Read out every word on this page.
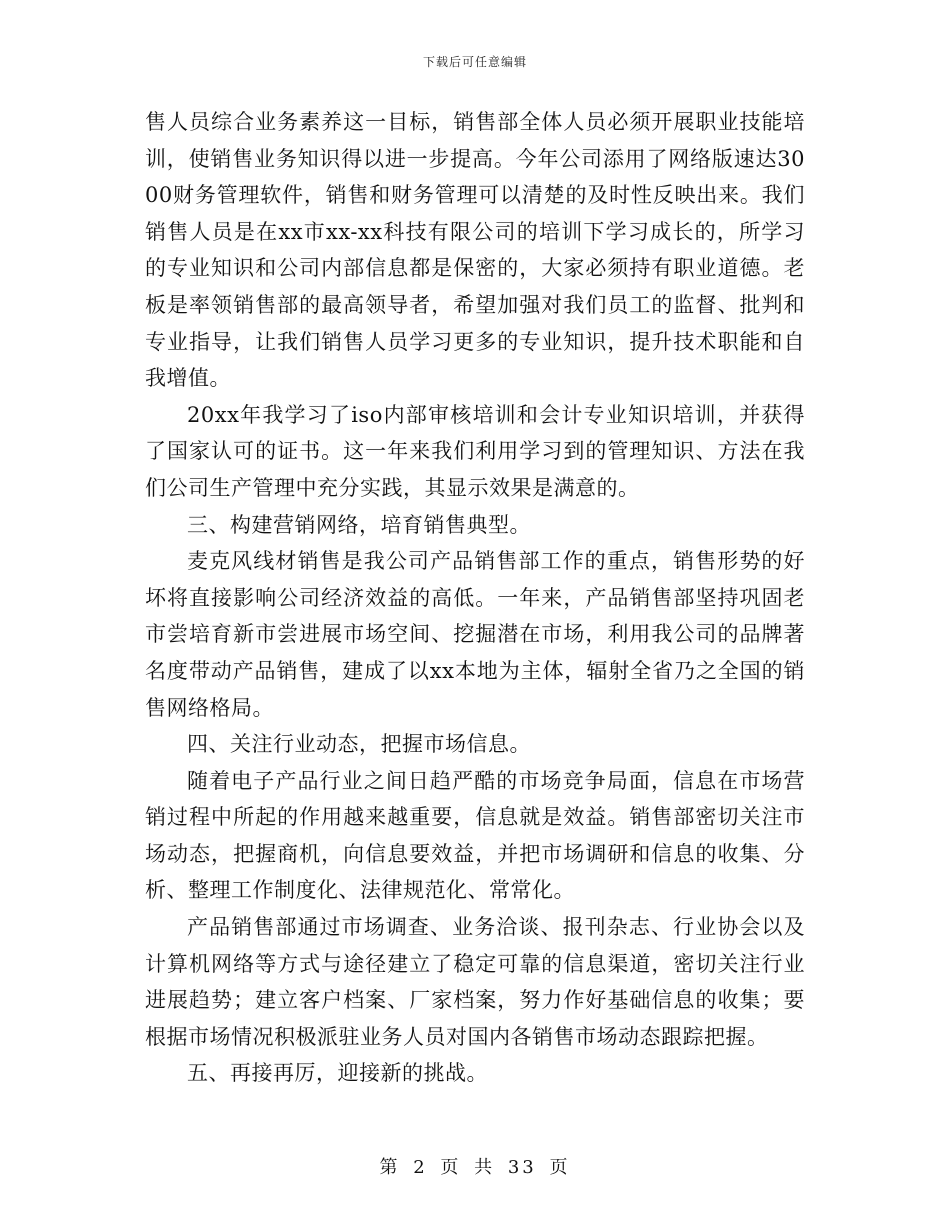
下载后可任意编辑

售人员综合业务素养这一目标，销售部全体人员必须开展职业技能培训，使销售业务知识得以进一步提高。今年公司添用了网络版速达3000财务管理软件，销售和财务管理可以清楚的及时性反映出来。我们销售人员是在xx市xx-xx科技有限公司的培训下学习成长的，所学习的专业知识和公司内部信息都是保密的，大家必须持有职业道德。老板是率领销售部的最高领导者，希望加强对我们员工的监督、批判和专业指导，让我们销售人员学习更多的专业知识，提升技术职能和自我增值。

20xx年我学习了iso内部审核培训和会计专业知识培训，并获得了国家认可的证书。这一年来我们利用学习到的管理知识、方法在我们公司生产管理中充分实践，其显示效果是满意的。

三、构建营销网络，培育销售典型。

麦克风线材销售是我公司产品销售部工作的重点，销售形势的好坏将直接影响公司经济效益的高低。一年来，产品销售部坚持巩固老市尝培育新市尝进展市场空间、挖掘潜在市场，利用我公司的品牌著名度带动产品销售，建成了以xx本地为主体，辐射全省乃之全国的销售网络格局。

四、关注行业动态，把握市场信息。

随着电子产品行业之间日趋严酷的市场竞争局面，信息在市场营销过程中所起的作用越来越重要，信息就是效益。销售部密切关注市场动态，把握商机，向信息要效益，并把市场调研和信息的收集、分析、整理工作制度化、法律规范化、常常化。

产品销售部通过市场调查、业务洽谈、报刊杂志、行业协会以及计算机网络等方式与途径建立了稳定可靠的信息渠道，密切关注行业进展趋势；建立客户档案、厂家档案，努力作好基础信息的收集；要根据市场情况积极派驻业务人员对国内各销售市场动态跟踪把握。

五、再接再厉，迎接新的挑战。

第 2 页 共 33 页
